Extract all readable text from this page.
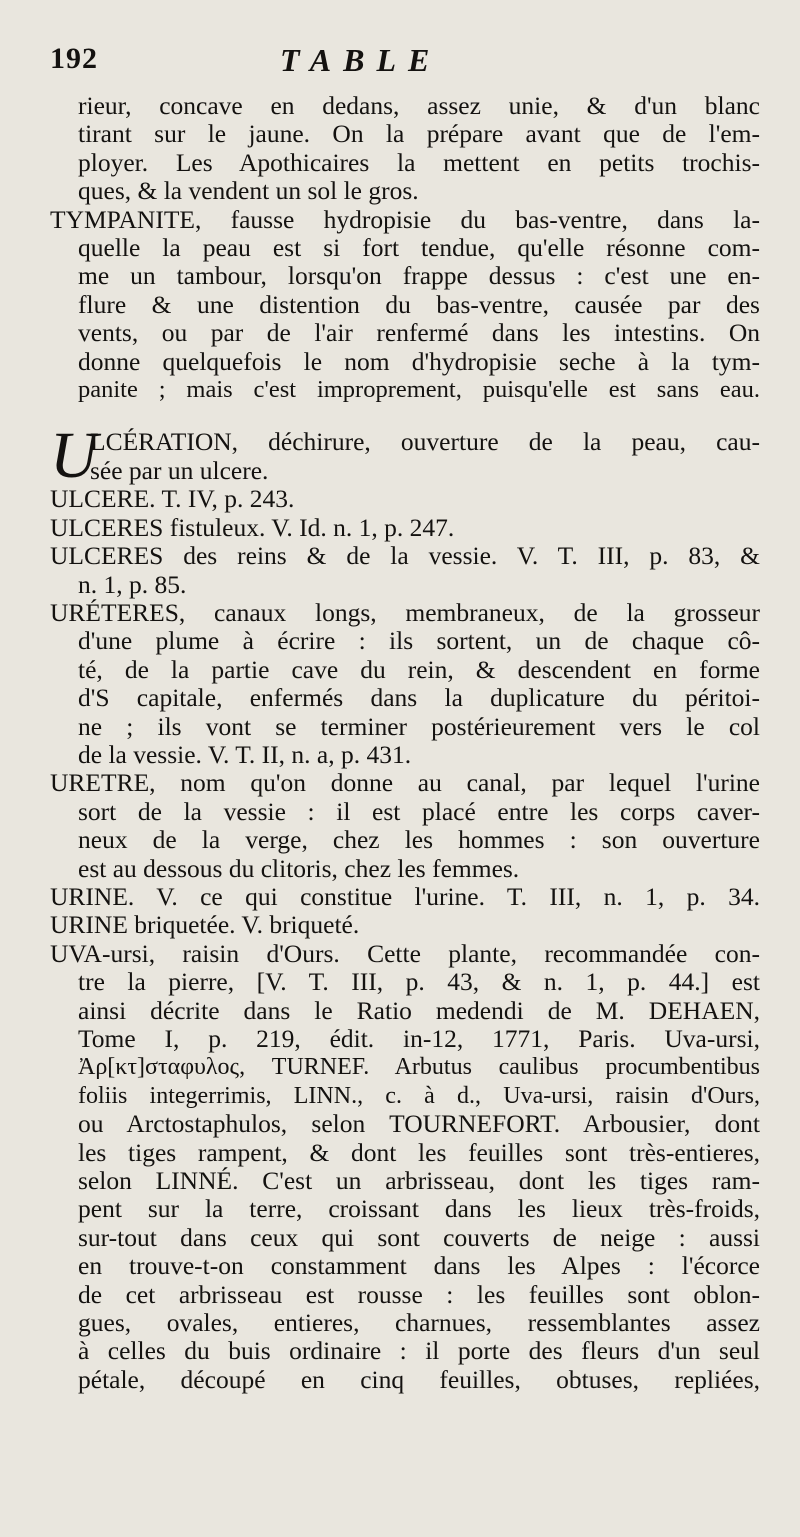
192	TABLE
rieur, concave en dedans, assez unie, & d'un blanc
tirant sur le jaune. On la prépare avant que de l'em-
ployer. Les Apothicaires la mettent en petits trochis-
ques, & la vendent un sol le gros.
TYMPANITE, fausse hydropisie du bas-ventre, dans la-
quelle la peau est si fort tendue, qu'elle résonne com-
me un tambour, lorsqu'on frappe dessus : c'est une en-
flure & une distention du bas-ventre, causée par des
vents, ou par de l'air renfermé dans les intestins. On
donne quelquefois le nom d'hydropisie seche à la tym-
panite ; mais c'est improprement, puisqu'elle est sans eau.
U
LCÉRATION, déchirure, ouverture de la peau, cau-
sée par un ulcere.
ULCERE. T. IV, p. 243.
ULCERES fistuleux. V. Id. n. 1, p. 247.
ULCERES des reins & de la vessie. V. T. III, p. 83, &
n. 1, p. 85.
URÉTERES, canaux longs, membraneux, de la grosseur
d'une plume à écrire : ils sortent, un de chaque cô-
té, de la partie cave du rein, & descendent en forme
d'S capitale, enfermés dans la duplicature du péritoi-
ne ; ils vont se terminer postérieurement vers le col
de la vessie. V. T. II, n. a, p. 431.
URETRE, nom qu'on donne au canal, par lequel l'urine
sort de la vessie : il est placé entre les corps caver-
neux de la verge, chez les hommes : son ouverture
est au dessous du clitoris, chez les femmes.
URINE. V. ce qui constitue l'urine. T. III, n. 1, p. 34.
URINE briquetée. V. briqueté.
UVA-ursi, raisin d'Ours. Cette plante, recommandée con-
tre la pierre, [V. T. III, p. 43, & n. 1, p. 44.] est
ainsi décrite dans le Ratio medendi de M. DEHAEN,
Tome I, p. 219, édit. in-12, 1771, Paris. Uva-ursi,
Ἀρ[κτ]σταφυλος, TURNEF. Arbutus caulibus procumbentibus
foliis integerrimis, LINN., c. à d., Uva-ursi, raisin d'Ours,
ou Arctostaphulos, selon TOURNEFORT. Arbousier, dont
les tiges rampent, & dont les feuilles sont très-entieres,
selon LINNÉ. C'est un arbrisseau, dont les tiges ram-
pent sur la terre, croissant dans les lieux très-froids,
sur-tout dans ceux qui sont couverts de neige : aussi
en trouve-t-on constamment dans les Alpes : l'écorce
de cet arbrisseau est rousse : les feuilles sont oblon-
gues, ovales, entieres, charnues, ressemblantes assez
à celles du buis ordinaire : il porte des fleurs d'un seul
pétale, découpé en cinq feuilles, obtuses, repliées,
